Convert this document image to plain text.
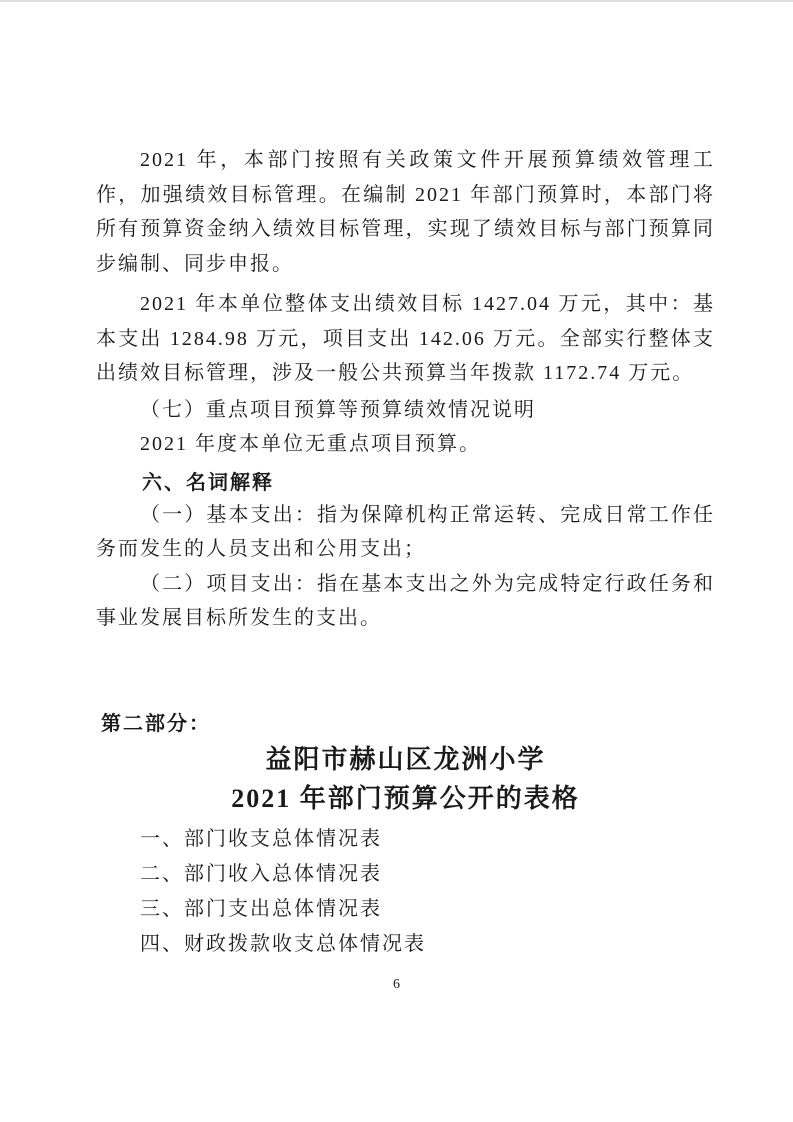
2021 年，本部门按照有关政策文件开展预算绩效管理工作，加强绩效目标管理。在编制 2021 年部门预算时，本部门将所有预算资金纳入绩效目标管理，实现了绩效目标与部门预算同步编制、同步申报。

2021 年本单位整体支出绩效目标 1427.04 万元，其中：基本支出 1284.98 万元，项目支出 142.06 万元。全部实行整体支出绩效目标管理，涉及一般公共预算当年拨款 1172.74 万元。

（七）重点项目预算等预算绩效情况说明

2021 年度本单位无重点项目预算。

六、名词解释

（一）基本支出：指为保障机构正常运转、完成日常工作任务而发生的人员支出和公用支出；

（二）项目支出：指在基本支出之外为完成特定行政任务和事业发展目标所发生的支出。

第二部分：
益阳市赫山区龙洲小学
2021 年部门预算公开的表格
一、部门收支总体情况表
二、部门收入总体情况表
三、部门支出总体情况表
四、财政拨款收支总体情况表
6
